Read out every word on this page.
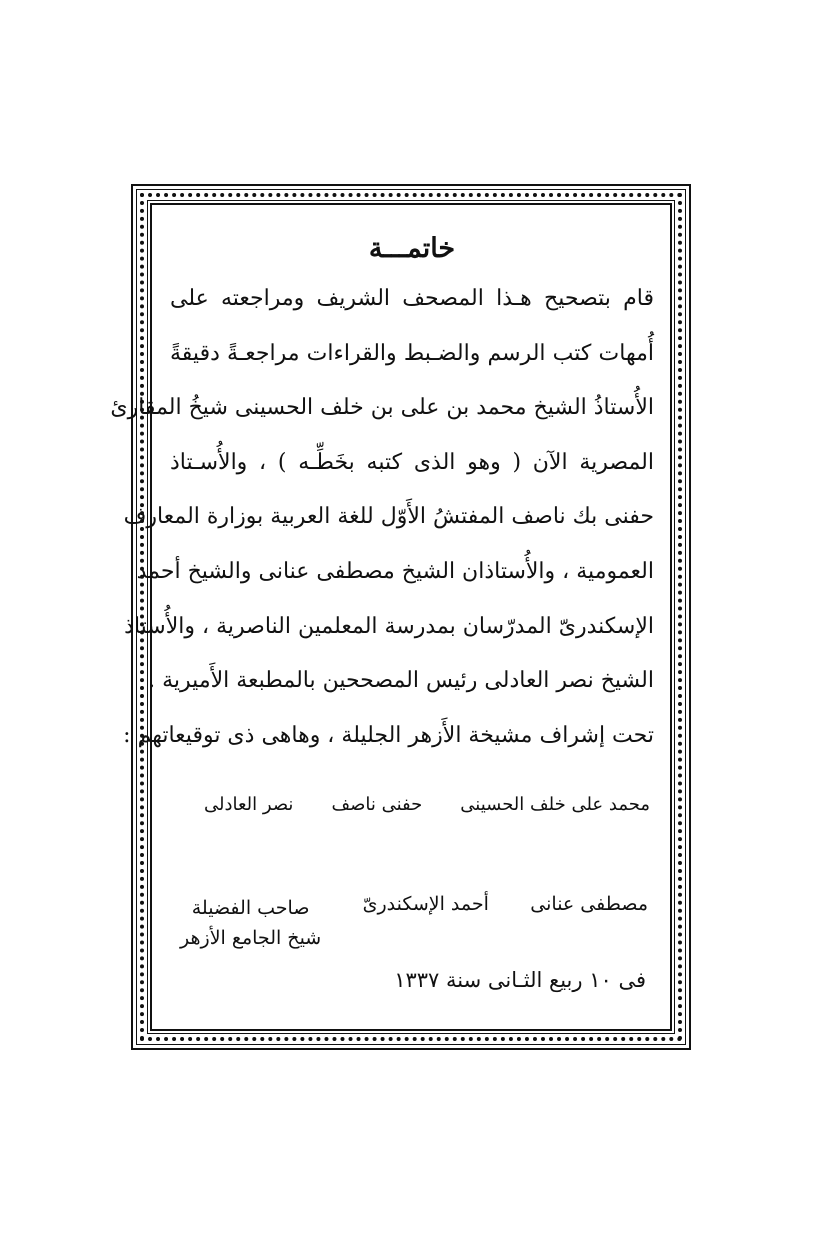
خاتمـــة

قام بتصحيح هـذا المصحف الشريف ومراجعته على

أُمهات كتب الرسم والضـبط والقراءات مراجعـةً دقيقةً

الأُستاذُ الشيخ محمد بن على بن خلف الحسينى شيخُ المقارئ

المصرية الآن ( وهو الذى كتبه بخَطِّـه ) ، والأُسـتاذ

حفنى بك ناصف المفتشُ الأَوّل للغة العربية بوزارة المعارف

العمومية ، والأُستاذان الشيخ مصطفى عنانى والشيخ أحمد

الإسكندرىّ المدرّسان بمدرسة المعلمين الناصرية ، والأُستاذ

الشيخ نصر العادلى رئيس المصححين بالمطبعة الأَميرية .

تحت إشراف مشيخة الأَزهر الجليلة ، وهاهى ذى توقيعاتهم :

محمد على خلف الحسينى
حفنى ناصف
نصر العادلى
مصطفى عنانى
أحمد الإسكندرىّ
صاحب الفضيلة
شيخ الجامع الأزهر
فى ١٠ ربيع الثـانى سنة ١٣٣٧
